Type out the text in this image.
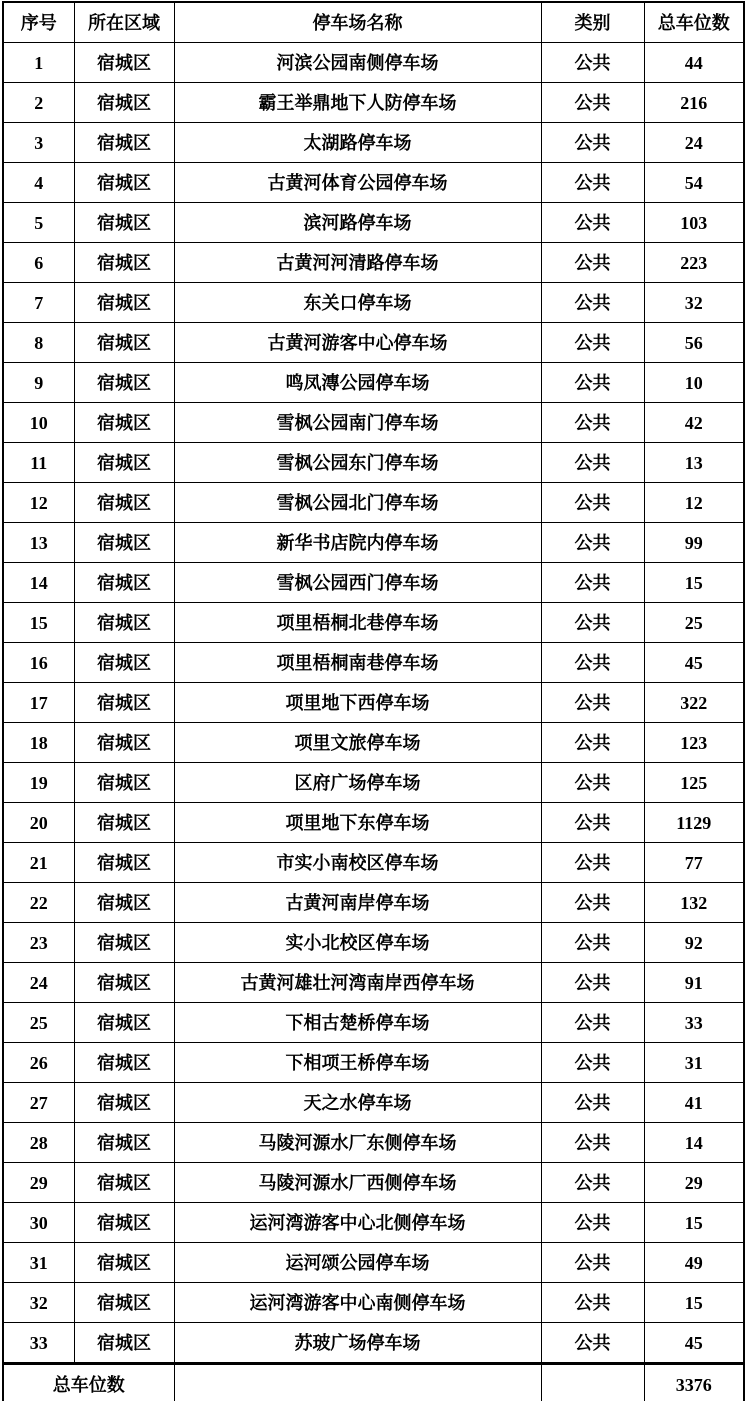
序号	所在区域	停车场名称	类别	总车位数
1	宿城区	河滨公园南侧停车场	公共	44
2	宿城区	霸王举鼎地下人防停车场	公共	216
3	宿城区	太湖路停车场	公共	24
4	宿城区	古黄河体育公园停车场	公共	54
5	宿城区	滨河路停车场	公共	103
6	宿城区	古黄河河清路停车场	公共	223
7	宿城区	东关口停车场	公共	32
8	宿城区	古黄河游客中心停车场	公共	56
9	宿城区	鸣凤漙公园停车场	公共	10
10	宿城区	雪枫公园南门停车场	公共	42
11	宿城区	雪枫公园东门停车场	公共	13
12	宿城区	雪枫公园北门停车场	公共	12
13	宿城区	新华书店院内停车场	公共	99
14	宿城区	雪枫公园西门停车场	公共	15
15	宿城区	项里梧桐北巷停车场	公共	25
16	宿城区	项里梧桐南巷停车场	公共	45
17	宿城区	项里地下西停车场	公共	322
18	宿城区	项里文旅停车场	公共	123
19	宿城区	区府广场停车场	公共	125
20	宿城区	项里地下东停车场	公共	1129
21	宿城区	市实小南校区停车场	公共	77
22	宿城区	古黄河南岸停车场	公共	132
23	宿城区	实小北校区停车场	公共	92
24	宿城区	古黄河雄壮河湾南岸西停车场	公共	91
25	宿城区	下相古楚桥停车场	公共	33
26	宿城区	下相项王桥停车场	公共	31
27	宿城区	天之水停车场	公共	41
28	宿城区	马陵河源水厂东侧停车场	公共	14
29	宿城区	马陵河源水厂西侧停车场	公共	29
30	宿城区	运河湾游客中心北侧停车场	公共	15
31	宿城区	运河颂公园停车场	公共	49
32	宿城区	运河湾游客中心南侧停车场	公共	15
33	宿城区	苏玻广场停车场	公共	45
总车位数				3376
